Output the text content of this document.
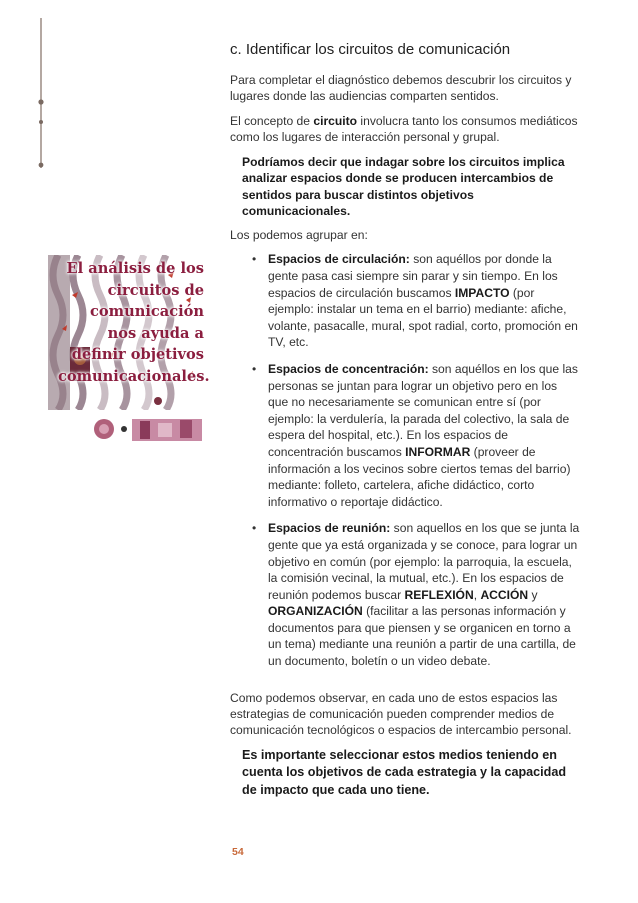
El análisis de los circuitos de comunicación nos ayuda a definir objetivos comunicacionales.
c. Identificar los circuitos de comunicación

Para completar el diagnóstico debemos descubrir los circuitos y lugares donde las audiencias comparten sentidos.

El concepto de circuito involucra tanto los consumos mediáticos como los lugares de interacción personal y grupal.

Podríamos decir que indagar sobre los circuitos implica analizar espacios donde se producen intercambios de sentidos para buscar distintos objetivos comunicacionales.

Los podemos agrupar en:

• Espacios de circulación: son aquéllos por donde la gente pasa casi siempre sin parar y sin tiempo. En los espacios de circulación buscamos IMPACTO (por ejemplo: instalar un tema en el barrio) mediante: afiche, volante, pasacalle, mural, spot radial, corto, promoción en TV, etc.
• Espacios de concentración: son aquéllos en los que las personas se juntan para lograr un objetivo pero en los que no necesariamente se comunican entre sí (por ejemplo: la verdulería, la parada del colectivo, la sala de espera del hospital, etc.). En los espacios de concentración buscamos INFORMAR (proveer de información a los vecinos sobre ciertos temas del barrio) mediante: folleto, cartelera, afiche didáctico, corto informativo o reportaje didáctico.
• Espacios de reunión: son aquellos en los que se junta la gente que ya está organizada y se conoce, para lograr un objetivo en común (por ejemplo: la parroquia, la escuela, la comisión vecinal, la mutual, etc.). En los espacios de reunión podemos buscar REFLEXIÓN, ACCIÓN y ORGANIZACIÓN (facilitar a las personas información y documentos para que piensen y se organicen en torno a un tema) mediante una reunión a partir de una cartilla, de un documento, boletín o un video debate.

Como podemos observar, en cada uno de estos espacios las estrategias de comunicación pueden comprender medios de comunicación tecnológicos o espacios de intercambio personal.

Es importante seleccionar estos medios teniendo en cuenta los objetivos de cada estrategia y la capacidad de impacto que cada uno tiene.

54
